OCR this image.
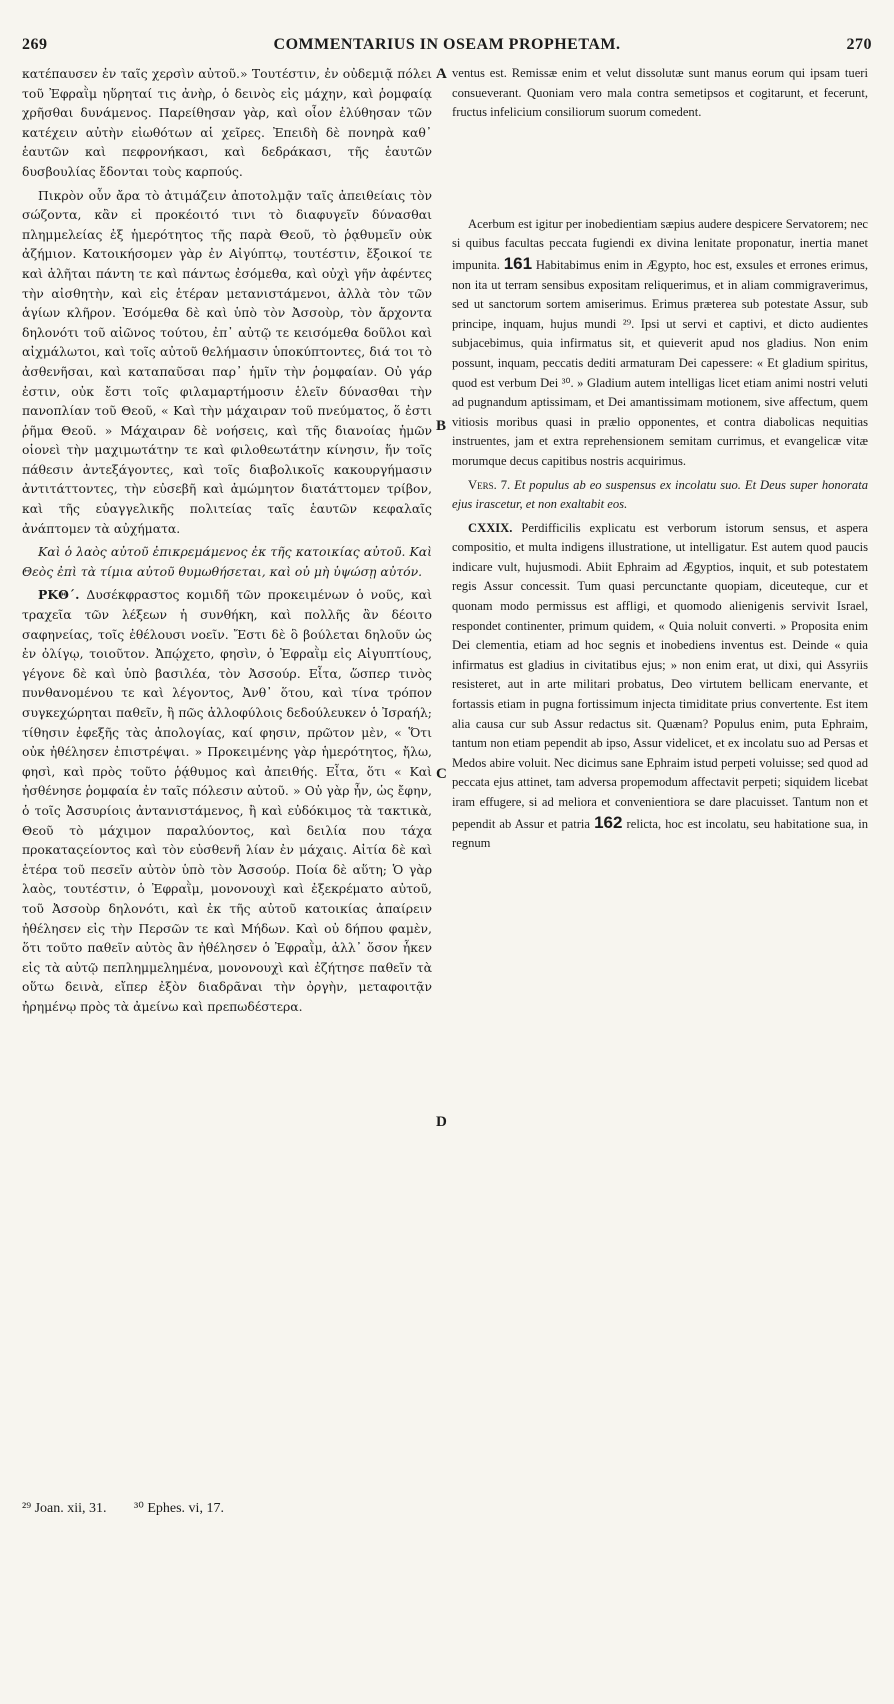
269	COMMENTARIUS IN OSEAM PROPHETAM.	270

κατέπαυσεν ἐν ταῖς χερσὶν αὐτοῦ.» Τουτέστιν, ἐν οὐδεμιᾷ πόλει τοῦ Ἐφραῒμ ηὕρηταί τις ἀνὴρ, ὁ δεινὸς εἰς μάχην, καὶ ῥομφαίᾳ χρῆσθαι δυνάμενος. Παρείθησαν γὰρ, καὶ οἷον ἐλύθησαν τῶν κατέχειν αὐτὴν εἰωθότων αἱ χεῖρες. Ἐπειδὴ δὲ πονηρὰ καθ᾽ ἑαυτῶν καὶ πεφρονήκασι, καὶ δεδράκασι, τῆς ἑαυτῶν δυσβουλίας ἔδονται τοὺς καρπούς.

Πικρὸν οὖν ἄρα τὸ ἀτιμάζειν ἀποτολμᾷν ταῖς ἀπειθείαις τὸν σώζοντα, κἂν εἰ προκέοιτό τινι τὸ διαφυγεῖν δύνασθαι πλημμελείας ἐξ ἡμερότητος τῆς παρὰ Θεοῦ, τὸ ῥᾳθυμεῖν οὐκ ἀζήμιον. Κατοικήσομεν γὰρ ἐν Αἰγύπτῳ, τουτέστιν, ἔξοικοί τε καὶ ἀλῆται πάντη τε καὶ πάντως ἐσόμεθα, καὶ οὐχὶ γῆν ἀφέντες τὴν αἰσθητὴν, καὶ εἰς ἑτέραν μετανιστάμενοι, ἀλλὰ τὸν τῶν ἁγίων κλῆρον. Ἐσόμεθα δὲ καὶ ὑπὸ τὸν Ἀσσοὺρ, τὸν ἄρχοντα δηλονότι τοῦ αἰῶνος τούτου, ἐπ᾽ αὐτῷ τε κεισόμεθα δοῦλοι καὶ αἰχμάλωτοι, καὶ τοῖς αὐτοῦ θελήμασιν ὑποκύπτοντες, διά τοι τὸ ἀσθενῆσαι, καὶ καταπαῦσαι παρ᾽ ἡμῖν τὴν ῥομφαίαν. Οὐ γάρ ἐστιν, οὐκ ἔστι τοῖς φιλαμαρτήμοσιν ἑλεῖν δύνασθαι τὴν πανοπλίαν τοῦ Θεοῦ, « Καὶ τὴν μάχαιραν τοῦ πνεύματος, ὅ ἐστι ῥῆμα Θεοῦ. » Μάχαιραν δὲ νοήσεις, καὶ τῆς διανοίας ἡμῶν οἱονεὶ τὴν μαχιμωτάτην τε καὶ φιλοθεωτάτην κίνησιν, ἥν τοῖς πάθεσιν ἀντεξάγοντες, καὶ τοῖς διαβολικοῖς κακουργήμασιν ἀντιτάττοντες, τὴν εὐσεβῆ καὶ ἀμώμητον διατάττομεν τρίβον, καὶ τῆς εὐαγγελικῆς πολιτείας ταῖς ἑαυτῶν κεφαλαῖς ἀνάπτομεν τὰ αὐχήματα.

Καὶ ὁ λαὸς αὐτοῦ ἐπικρεμάμενος ἐκ τῆς κατοικίας αὐτοῦ. Καὶ Θεὸς ἐπὶ τὰ τίμια αὐτοῦ θυμωθήσεται, καὶ οὐ μὴ ὑψώσῃ αὐτόν.

ΡΚΘ΄. Δυσέκφραστος κομιδῆ τῶν προκειμένων ὁ νοῦς, καὶ τραχεῖα τῶν λέξεων ἡ συνθήκη, καὶ πολλῆς ἂν δέοιτο σαφηνείας, τοῖς ἐθέλουσι νοεῖν. Ἔστι δὲ ὃ βούλεται δηλοῦν ὡς ἐν ὀλίγῳ, τοιοῦτον. Ἀπῴχετο, φησὶν, ὁ Ἐφραῒμ εἰς Αἰγυπτίους, γέγονε δὲ καὶ ὑπὸ βασιλέα, τὸν Ἀσσούρ. Εἶτα, ὥσπερ τινὸς πυνθανομένου τε καὶ λέγοντος, Ἀνθ᾽ ὅτου, καὶ τίνα τρόπον συγκεχώρηται παθεῖν, ἢ πῶς ἀλλοφύλοις δεδούλευκεν ὁ Ἰσραήλ; τίθησιν ἐφεξῆς τὰς ἀπολογίας, καί φησιν, πρῶτον μὲν, « Ὅτι οὐκ ἠθέλησεν ἐπιστρέψαι. » Προκειμένης γὰρ ἡμερότητος, ἤλω, φησὶ, καὶ πρὸς τοῦτο ῥᾴθυμος καὶ ἀπειθής. Εἶτα, ὅτι « Καὶ ἠσθένησε ῥομφαία ἐν ταῖς πόλεσιν αὐτοῦ. » Οὐ γὰρ ἦν, ὡς ἔφην, ὁ τοῖς Ἀσσυρίοις ἀντανιστάμενος, ἢ καὶ εὐδόκιμος τὰ τακτικὰ, Θεοῦ τὸ μάχιμον παραλύοντος, καὶ δειλία που τάχα προκαταςείοντος καὶ τὸν εὐσθενῆ λίαν ἐν μάχαις. Αἰτία δὲ καὶ ἑτέρα τοῦ πεσεῖν αὐτὸν ὑπὸ τὸν Ἀσσούρ. Ποία δὲ αὕτη; Ὁ γὰρ λαὸς, τουτέστιν, ὁ Ἐφραῒμ, μονονουχὶ καὶ ἐξεκρέματο αὐτοῦ, τοῦ Ἀσσοὺρ δηλονότι, καὶ ἐκ τῆς αὐτοῦ κατοικίας ἀπαίρειν ἠθέλησεν εἰς τὴν Περσῶν τε καὶ Μήδων. Καὶ οὐ δήπου φαμὲν, ὅτι τοῦτο παθεῖν αὐτὸς ἂν ἠθέλησεν ὁ Ἐφραῒμ, ἀλλ᾽ ὅσον ἧκεν εἰς τὰ αὐτῷ πεπλημμελημένα, μονονουχὶ καὶ ἐζήτησε παθεῖν τὰ οὕτω δεινὰ, εἴπερ ἐξὸν διαδρᾶναι τὴν ὀργὴν, μεταφοιτᾷν ἠρημένῳ πρὸς τὰ ἀμείνω καὶ πρεπωδέστερα.

A
B
C
D

ventus est. Remissæ enim et velut dissolutæ sunt manus eorum qui ipsam tueri consueverant. Quoniam vero mala contra semetipsos et cogitarunt, et fecerunt, fructus infelicium consiliorum suorum comedent.

Acerbum est igitur per inobedientiam sæpius audere despicere Servatorem; nec si quibus facultas peccata fugiendi ex divina lenitate proponatur, inertia manet impunita. 161 Habitabimus enim in Ægypto, hoc est, exsules et errones erimus, non ita ut terram sensibus expositam reliquerimus, et in aliam commigraverimus, sed ut sanctorum sortem amiserimus. Erimus præterea sub potestate Assur, sub principe, inquam, hujus mundi ²⁹. Ipsi ut servi et captivi, et dicto audientes subjacebimus, quia infirmatus sit, et quieverit apud nos gladius. Non enim possunt, inquam, peccatis dediti armaturam Dei capessere: « Et gladium spiritus, quod est verbum Dei ³⁰. » Gladium autem intelligas licet etiam animi nostri veluti ad pugnandum aptissimam, et Dei amantissimam motionem, sive affectum, quem vitiosis moribus quasi in prælio opponentes, et contra diabolicas nequitias instruentes, jam et extra reprehensionem semitam currimus, et evangelicæ vitæ morumque decus capitibus nostris acquirimus.

Vers. 7. Et populus ab eo suspensus ex incolatu suo. Et Deus super honorata ejus irascetur, et non exaltabit eos.

CXXIX. Perdifficilis explicatu est verborum istorum sensus, et aspera compositio, et multa indigens illustratione, ut intelligatur. Est autem quod paucis indicare vult, hujusmodi. Abiit Ephraim ad Ægyptios, inquit, et sub potestatem regis Assur concessit. Tum quasi percunctante quopiam, diceuteque, cur et quonam modo permissus est affligi, et quomodo alienigenis servivit Israel, respondet continenter, primum quidem, « Quia noluit converti. » Proposita enim Dei clementia, etiam ad hoc segnis et inobediens inventus est. Deinde « quia infirmatus est gladius in civitatibus ejus; » non enim erat, ut dixi, qui Assyriis resisteret, aut in arte militari probatus, Deo virtutem bellicam enervante, et fortassis etiam in pugna fortissimum injecta timiditate prius convertente. Est item alia causa cur sub Assur redactus sit. Quænam? Populus enim, puta Ephraim, tantum non etiam pependit ab ipso, Assur videlicet, et ex incolatu suo ad Persas et Medos abire voluit. Nec dicimus sane Ephraim istud perpeti voluisse; sed quod ad peccata ejus attinet, tam adversa propemodum affectavit perpeti; siquidem licebat iram effugere, si ad meliora et convenientiora se dare placuisset. Tantum non et pependit ab Assur et patria 162 relicta, hoc est incolatu, seu habitatione sua, in regnum

²⁹ Joan. xii, 31. ³⁰ Ephes. vi, 17.
